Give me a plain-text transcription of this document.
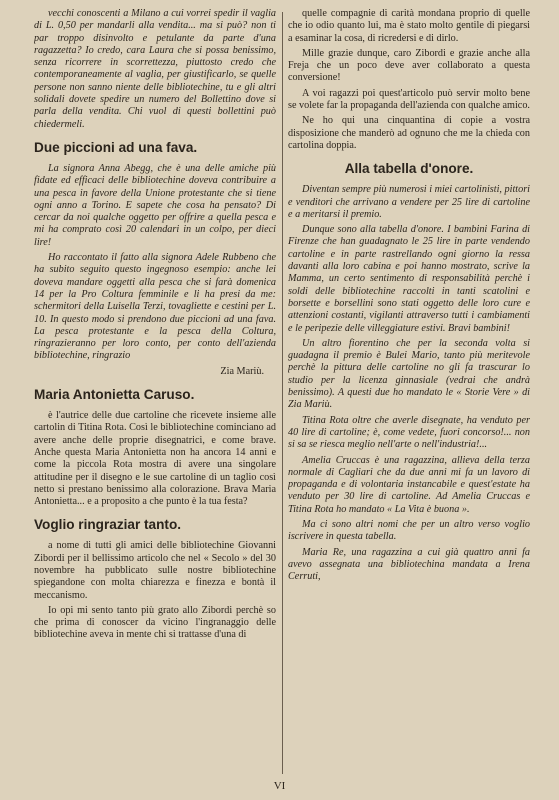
vecchi conoscenti a Milano a cui vorrei spedir il vaglia di L. 0,50 per mandarli alla vendita... ma si può? non ti par troppo disinvolto e petulante da parte d'una ragazzetta? Io credo, cara Laura che si possa benissimo, senza ricorrere in scorrettezza, piuttosto credo che contemporaneamente al vaglia, per giustificarlo, se quelle persone non sanno niente delle bibliotechine, tu e gli altri solidali dovete spedire un numero del Bollettino dove si parla della vendita. Chi vuol di questi bollettini può chiedermeli.

Due piccioni ad una fava.

La signora Anna Abegg, che è una delle amiche più fidate ed efficaci delle bibliotechine doveva contribuire a una pesca in favore della Unione protestante che si tiene ogni anno a Torino. E sapete che cosa ha pensato? Di cercar da noi qualche oggetto per offrire a quella pesca e mi ha comprato così 20 calendari in un colpo, per dieci lire!

Ho raccontato il fatto alla signora Adele Rubbeno che ha subito seguito questo ingegnoso esempio: anche lei doveva mandare oggetti alla pesca che si farà domenica 14 per la Pro Coltura femminile e li ha presi da me: schermitori della Luisella Terzi, tovagliette e cestini per L. 10. In questo modo si prendono due piccioni ad una fava. La pesca protestante e la pesca della Coltura, ringrazieranno per loro conto, per conto dell'azienda bibliotechine, ringrazio

Zia Mariù.
Maria Antonietta Caruso.

è l'autrice delle due cartoline che ricevete insieme alle cartolin di Titina Rota. Così le bibliotechine cominciano ad avere anche delle proprie disegnatrici, e come brave. Anche questa Maria Antonietta non ha ancora 14 anni e come la piccola Rota mostra di avere una singolare attitudine per il disegno e le sue cartoline di un taglio così netto si prestano benissimo alla colorazione. Brava Maria Antonietta... e a proposito a che punto è la tua festa?

Voglio ringraziar tanto.

a nome di tutti gli amici delle bibliotechine Giovanni Zibordi per il bellissimo articolo che nel « Secolo » del 30 novembre ha pubblicato sulle nostre bibliotechine spiegandone con molta chiarezza e finezza e bontà il meccanismo.

Io opi mi sento tanto più grato allo Zibordi perchè so che prima di conoscer da vicino l'ingranaggio delle bibliotechine aveva in mente chi si trattasse d'una di

quelle compagnie di carità mondana proprio di quelle che io odio quanto lui, ma è stato molto gentile di piegarsi a esaminar la cosa, di ricredersi e di dirlo.

Mille grazie dunque, caro Zibordi e grazie anche alla Freja che un poco deve aver collaborato a questa conversione!

A voi ragazzi poi quest'articolo può servir molto bene se volete far la propaganda dell'azienda con qualche amico.

Ne ho qui una cinquantina di copie a vostra disposizione che manderò ad ognuno che me la chieda con cartolina doppia.

Alla tabella d'onore.

Diventan sempre più numerosi i miei cartolinisti, pittori e venditori che arrivano a vendere per 25 lire di cartoline e a meritarsi il premio.

Dunque sono alla tabella d'onore. I bambini Farina di Firenze che han guadagnato le 25 lire in parte vendendo cartoline e in parte rastrellando ogni giorno la ressa davanti alla loro cabina e poi hanno mostrato, scrive la Mamma, un certo sentimento di responsabilità perchè i soldi delle bibliotechine raccolti in tanti scatolini e borsette e borsellini sono stati oggetto delle loro cure e attenzioni costanti, vigilanti attraverso tutti i cambiamenti e le peripezie delle villeggiature estivi. Bravi bambini!

Un altro fiorentino che per la seconda volta si guadagna il premio è Bulei Mario, tanto più meritevole perchè la pittura delle cartoline no gli fa trascurar lo studio per la licenza ginnasiale (vedrai che andrà benissimo). A questi due ho mandato le « Storie Vere » di Zia Mariù.

Titina Rota oltre che averle disegnate, ha venduto per 40 lire di cartoline; è, come vedete, fuori concorso!... non si sa se riesca meglio nell'arte o nell'industria!...

Amelia Cruccas è una ragazzina, allieva della terza normale di Cagliari che da due anni mi fa un lavoro di propaganda e di volontaria instancabile e quest'estate ha venduto per 30 lire di cartoline. Ad Amelia Cruccas e Titina Rota ho mandato « La Vita è buona ».

Ma ci sono altri nomi che per un altro verso voglio iscrivere in questa tabella.

Maria Re, una ragazzina a cui già quattro anni fa avevo assegnata una bibliotechina mandata a Irena Cerruti,

VI
